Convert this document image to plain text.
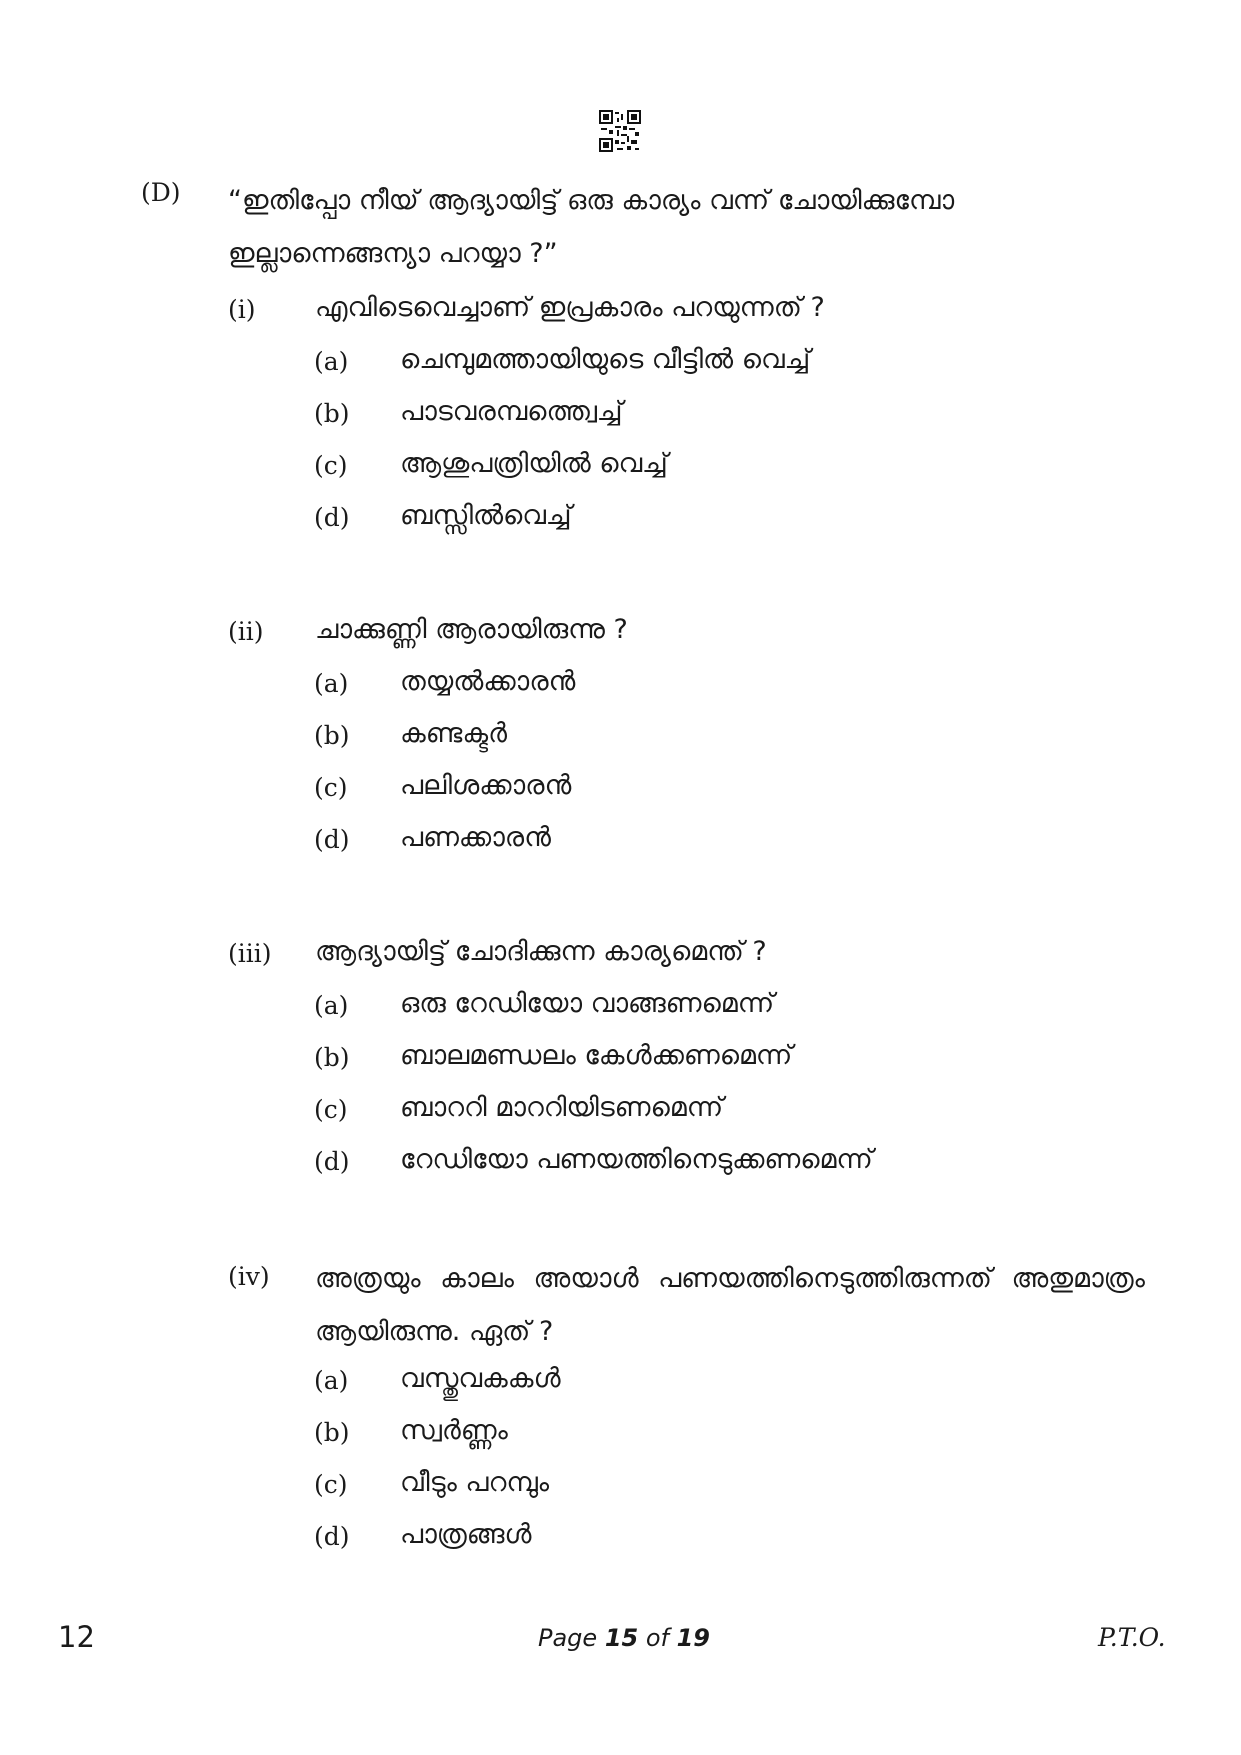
(D) “ഇതിപ്പോ നീയ് ആദ്യായിട്ട് ഒരു കാര്യം വന്ന് ചോയിക്കുമ്പോ ഇല്ലാന്നെങ്ങന്യാ പറയ്യാ ?”
(i) എവിടെവെച്ചാണ് ഇപ്രകാരം പറയുന്നത് ?
(a) ചെമ്പുമത്തായിയുടെ വീട്ടിൽ വെച്ച്
(b) പാടവരമ്പത്ത്വെച്ച്
(c) ആശുപത്രിയിൽ വെച്ച്
(d) ബസ്സിൽവെച്ച്
(ii) ചാക്കുണ്ണി ആരായിരുന്നു ?
(a) തയ്യൽക്കാരൻ
(b) കണ്ടക്ടർ
(c) പലിശക്കാരൻ
(d) പണക്കാരൻ
(iii) ആദ്യായിട്ട് ചോദിക്കുന്ന കാര്യമെന്ത് ?
(a) ഒരു റേഡിയോ വാങ്ങണമെന്ന്
(b) ബാലമണ്ഡലം കേൾക്കണമെന്ന്
(c) ബാററി മാററിയിടണമെന്ന്
(d) റേഡിയോ പണയത്തിനെടുക്കണമെന്ന്
(iv) അത്രയും കാലം അയാൾ പണയത്തിനെടുത്തിരുന്നത് അതുമാത്രം ആയിരുന്നു. ഏത് ?
(a) വസ്തുവകകൾ
(b) സ്വർണ്ണം
(c) വീടും പറമ്പും
(d) പാത്രങ്ങൾ
12	Page 15 of 19	P.T.O.
